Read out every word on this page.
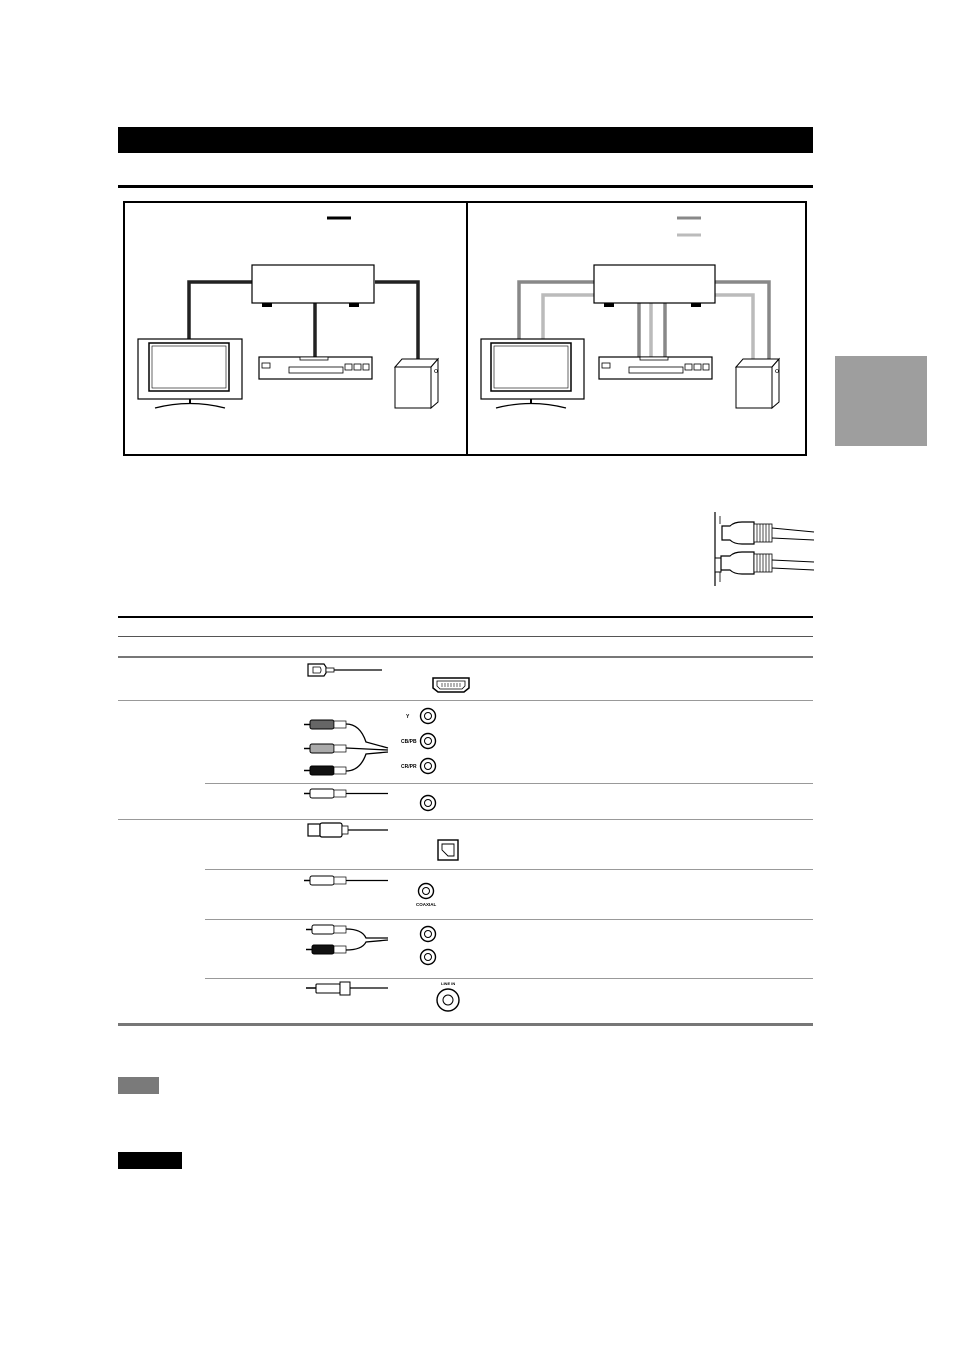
Y
CB/PB
CR/PR
COAXIAL
LINE IN
